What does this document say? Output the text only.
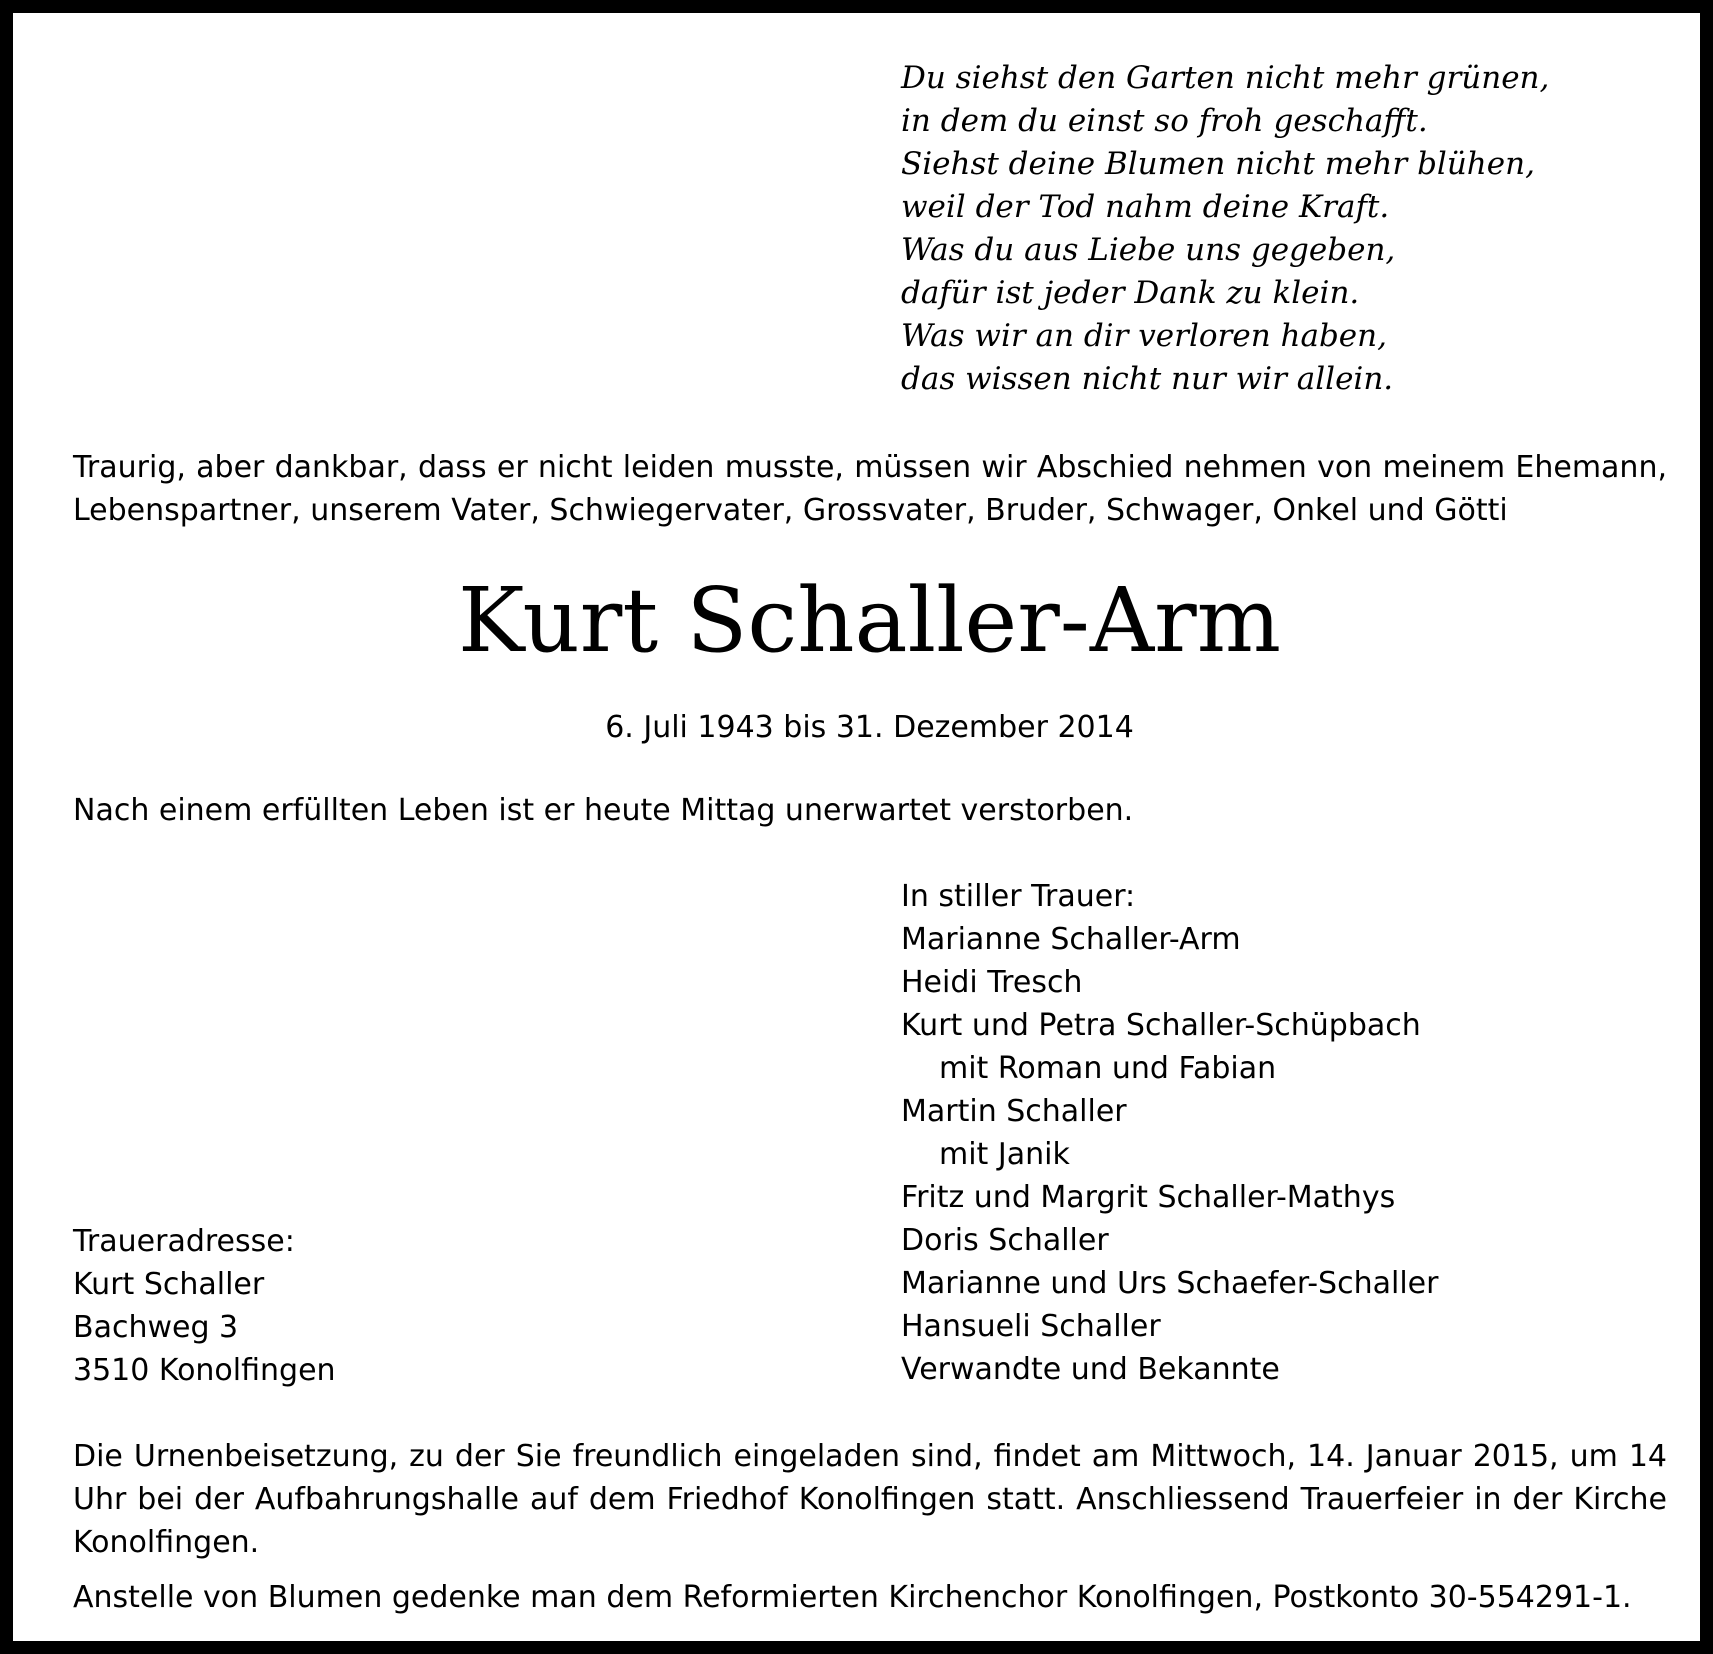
Du siehst den Garten nicht mehr grünen,
in dem du einst so froh geschafft.
Siehst deine Blumen nicht mehr blühen,
weil der Tod nahm deine Kraft.
Was du aus Liebe uns gegeben,
dafür ist jeder Dank zu klein.
Was wir an dir verloren haben,
das wissen nicht nur wir allein.
Traurig, aber dankbar, dass er nicht leiden musste, müssen wir Abschied nehmen von meinem Ehemann, Lebenspartner, unserem Vater, Schwiegervater, Grossvater, Bruder, Schwager, Onkel und Götti
Kurt Schaller-Arm
6. Juli 1943 bis 31. Dezember 2014
Nach einem erfüllten Leben ist er heute Mittag unerwartet verstorben.
In stiller Trauer:
Marianne Schaller-Arm
Heidi Tresch
Kurt und Petra Schaller-Schüpbach
mit Roman und Fabian
Martin Schaller
mit Janik
Fritz und Margrit Schaller-Mathys
Doris Schaller
Marianne und Urs Schaefer-Schaller
Hansueli Schaller
Verwandte und Bekannte
Traueradresse:
Kurt Schaller
Bachweg 3
3510 Konolfingen
Die Urnenbeisetzung, zu der Sie freundlich eingeladen sind, findet am Mittwoch, 14. Januar 2015, um 14 Uhr bei der Aufbahrungshalle auf dem Friedhof Konolfingen statt. Anschliessend Trauerfeier in der Kirche Konolfingen.
Anstelle von Blumen gedenke man dem Reformierten Kirchenchor Konolfingen, Postkonto 30-554291-1.
